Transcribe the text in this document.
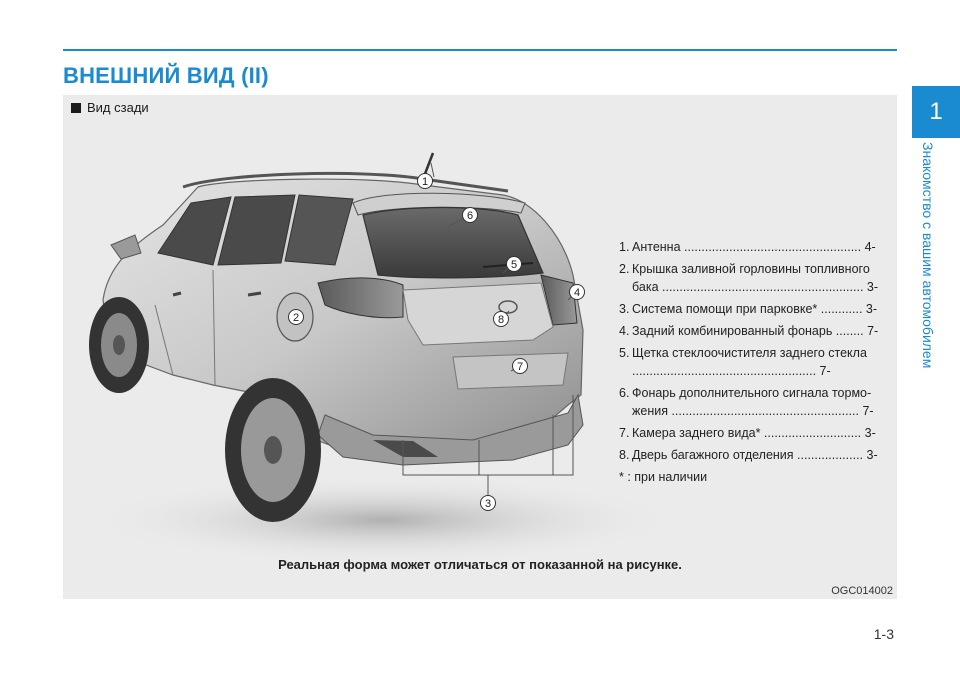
ВНЕШНИЙ ВИД (II)
1
Знакомство с вашим автомобилем
Вид сзади
1
6
5
4
8
2
7
3
1. Антенна ................................................... 4-
2. Крышка заливной горловины топливного бака .......................................................... 3-
3. Система помощи при парковке* ............ 3-
4. Задний комбинированный фонарь ........ 7-
5. Щетка стеклоочистителя заднего стекла ..................................................... 7-
6. Фонарь дополнительного сигнала тормо-жения ...................................................... 7-
7. Камера заднего вида* ............................ 3-
8. Дверь багажного отделения ................... 3-
* : при наличии
Реальная форма может отличаться от показанной на рисунке.
OGC014002
1-3
